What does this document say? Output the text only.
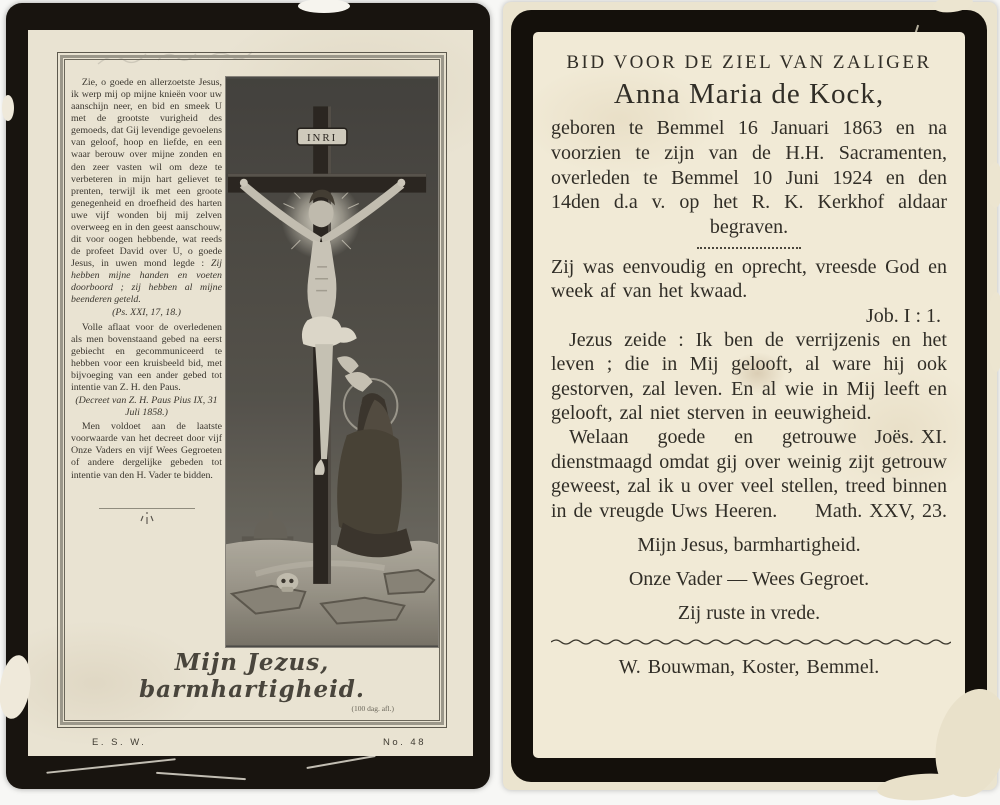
Zie, o goede en allerzoetste Jesus, ik werp mij op mijne knieën voor uw aanschijn neer, en bid en smeek U met de grootste vurigheid des gemoeds, dat Gij levendige gevoelens van geloof, hoop en liefde, en een waar berouw over mijne zonden en den zeer vasten wil om deze te verbeteren in mijn hart gelievet te prenten, terwijl ik met een groote genegenheid en droefheid des harten uwe vijf wonden bij mij zelven overweeg en in den geest aanschouw, dit voor oogen hebbende, wat reeds de profeet David over U, o goede Jesus, in uwen mond legde : Zij hebben mijne handen en voeten doorboord ; zij hebben al mijne beenderen geteld.

(Ps. XXI, 17, 18.)

Volle aflaat voor de overledenen als men bovenstaand gebed na eerst gebiecht en gecommuniceerd te hebben voor een kruisbeeld bid, met bijvoeging van een ander gebed tot intentie van Z. H. den Paus.

(Decreet van Z. H. Paus Pius IX, 31 Juli 1858.)

Men voldoet aan de laatste voorwaarde van het decreet door vijf Onze Vaders en vijf Wees Gegroeten of andere dergelijke gebeden tot intentie van den H. Vader te bidden.

INRI
Mijn Jezus, barmhartigheid.
(100 dag. afl.)
E. S. W.	No. 48
BID VOOR DE ZIEL VAN ZALIGER
Anna Maria de Kock,
geboren te Bemmel 16 Januari 1863 en na voorzien te zijn van de H.H. Sacramenten, overleden te Bemmel 10 Juni 1924 en den 14den d.a v. op het R. K. Kerkhof aldaar begraven.
Zij was eenvoudig en oprecht, vreesde God en week af van het kwaad.
Job. I : 1.
Jezus zeide : Ik ben de verrijzenis en het leven ; die in Mij gelooft, al ware hij ook gestorven, zal leven. En al wie in Mij leeft en gelooft, zal niet sterven in eeuwigheid.
Joës. XI.
Welaan goede en getrouwe dienstmaagd omdat gij over weinig zijt getrouw geweest, zal ik u over veel stellen, treed binnen in de vreugde Uws Heeren.	Math. XXV, 23.
Mijn Jesus, barmhartigheid.
Onze Vader — Wees Gegroet.
Zij ruste in vrede.
W. Bouwman, Koster, Bemmel.
